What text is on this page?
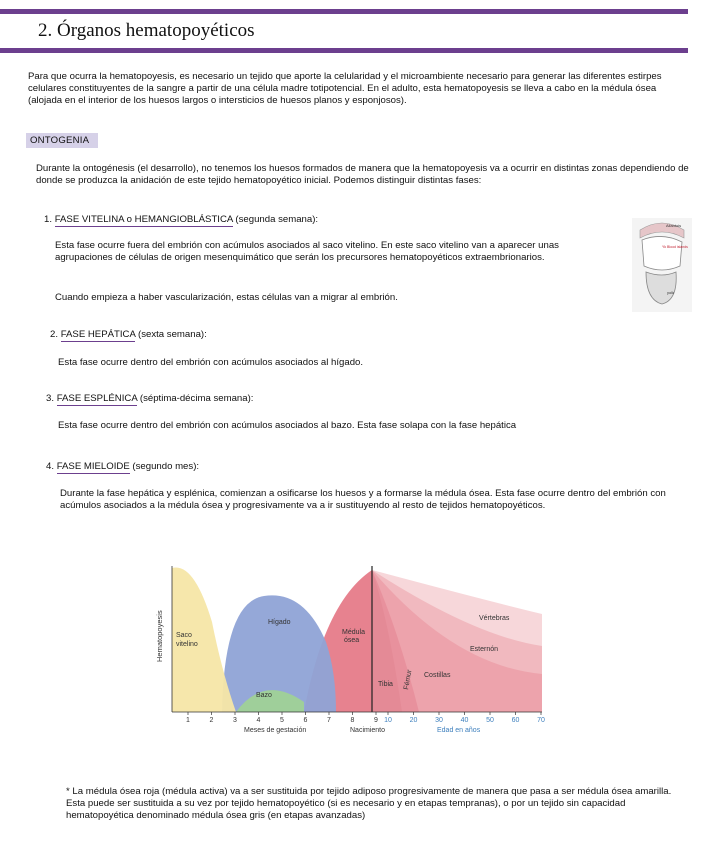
2. Órganos hematopoyéticos
Para que ocurra la hematopoyesis, es necesario un tejido que aporte la celularidad y el microambiente necesario para generar las diferentes estirpes celulares constituyentes de la sangre a partir de una célula madre totipotencial. En el adulto, esta hematopoyesis se lleva a cabo en la médula ósea (alojada en el interior de los huesos largos o intersticios de huesos planos y esponjosos).
ONTOGENIA
Durante la ontogénesis (el desarrollo), no tenemos los huesos formados de manera que la hematopoyesis va a ocurrir en distintas zonas dependiendo de donde se produzca la anidación de este tejido hematopoyético inicial. Podemos distinguir distintas fases:
1. FASE VITELINA o HEMANGIOBLÁSTICA (segunda semana):
Esta fase ocurre fuera del embrión con acúmulos asociados al saco vitelino. En este saco vitelino van a aparecer unas agrupaciones de células de origen mesenquimático que serán los precursores hematopoyéticos extraembrionarios.
Cuando empieza a haber vascularización, estas células van a migrar al embrión.
Allantois
Yk Blood islands
yolk
2. FASE HEPÁTICA (sexta semana):
Esta fase ocurre dentro del embrión con acúmulos asociados al hígado.
3. FASE ESPLÉNICA (séptima-décima semana):
Esta fase ocurre dentro del embrión con acúmulos asociados al bazo. Esta fase solapa con la fase hepática
4. FASE MIELOIDE (segundo mes):
Durante la fase hepática y esplénica, comienzan a osificarse los huesos y a formarse la médula ósea. Esta fase ocurre dentro del embrión con acúmulos asociados a la médula ósea y progresivamente va a ir sustituyendo al resto de tejidos hematopoyéticos.
1	2	3	4	5	6	7	8	9 10	20	30	40	50	60	70
Hematopoyesis Saco vitelino
Hígado
Bazo
Médula ósea
Vértebras
Esternón
Costillas
Fémur
Tibia
Meses de gestación	Nacimiento	Edad en años
* La médula ósea roja (médula activa) va a ser sustituida por tejido adiposo progresivamente de manera que pasa a ser médula ósea amarilla. Esta puede ser sustituida a su vez por tejido hematopoyético (si es necesario y en etapas tempranas), o por un tejido sin capacidad hematopoyética denominado médula ósea gris (en etapas avanzadas)
